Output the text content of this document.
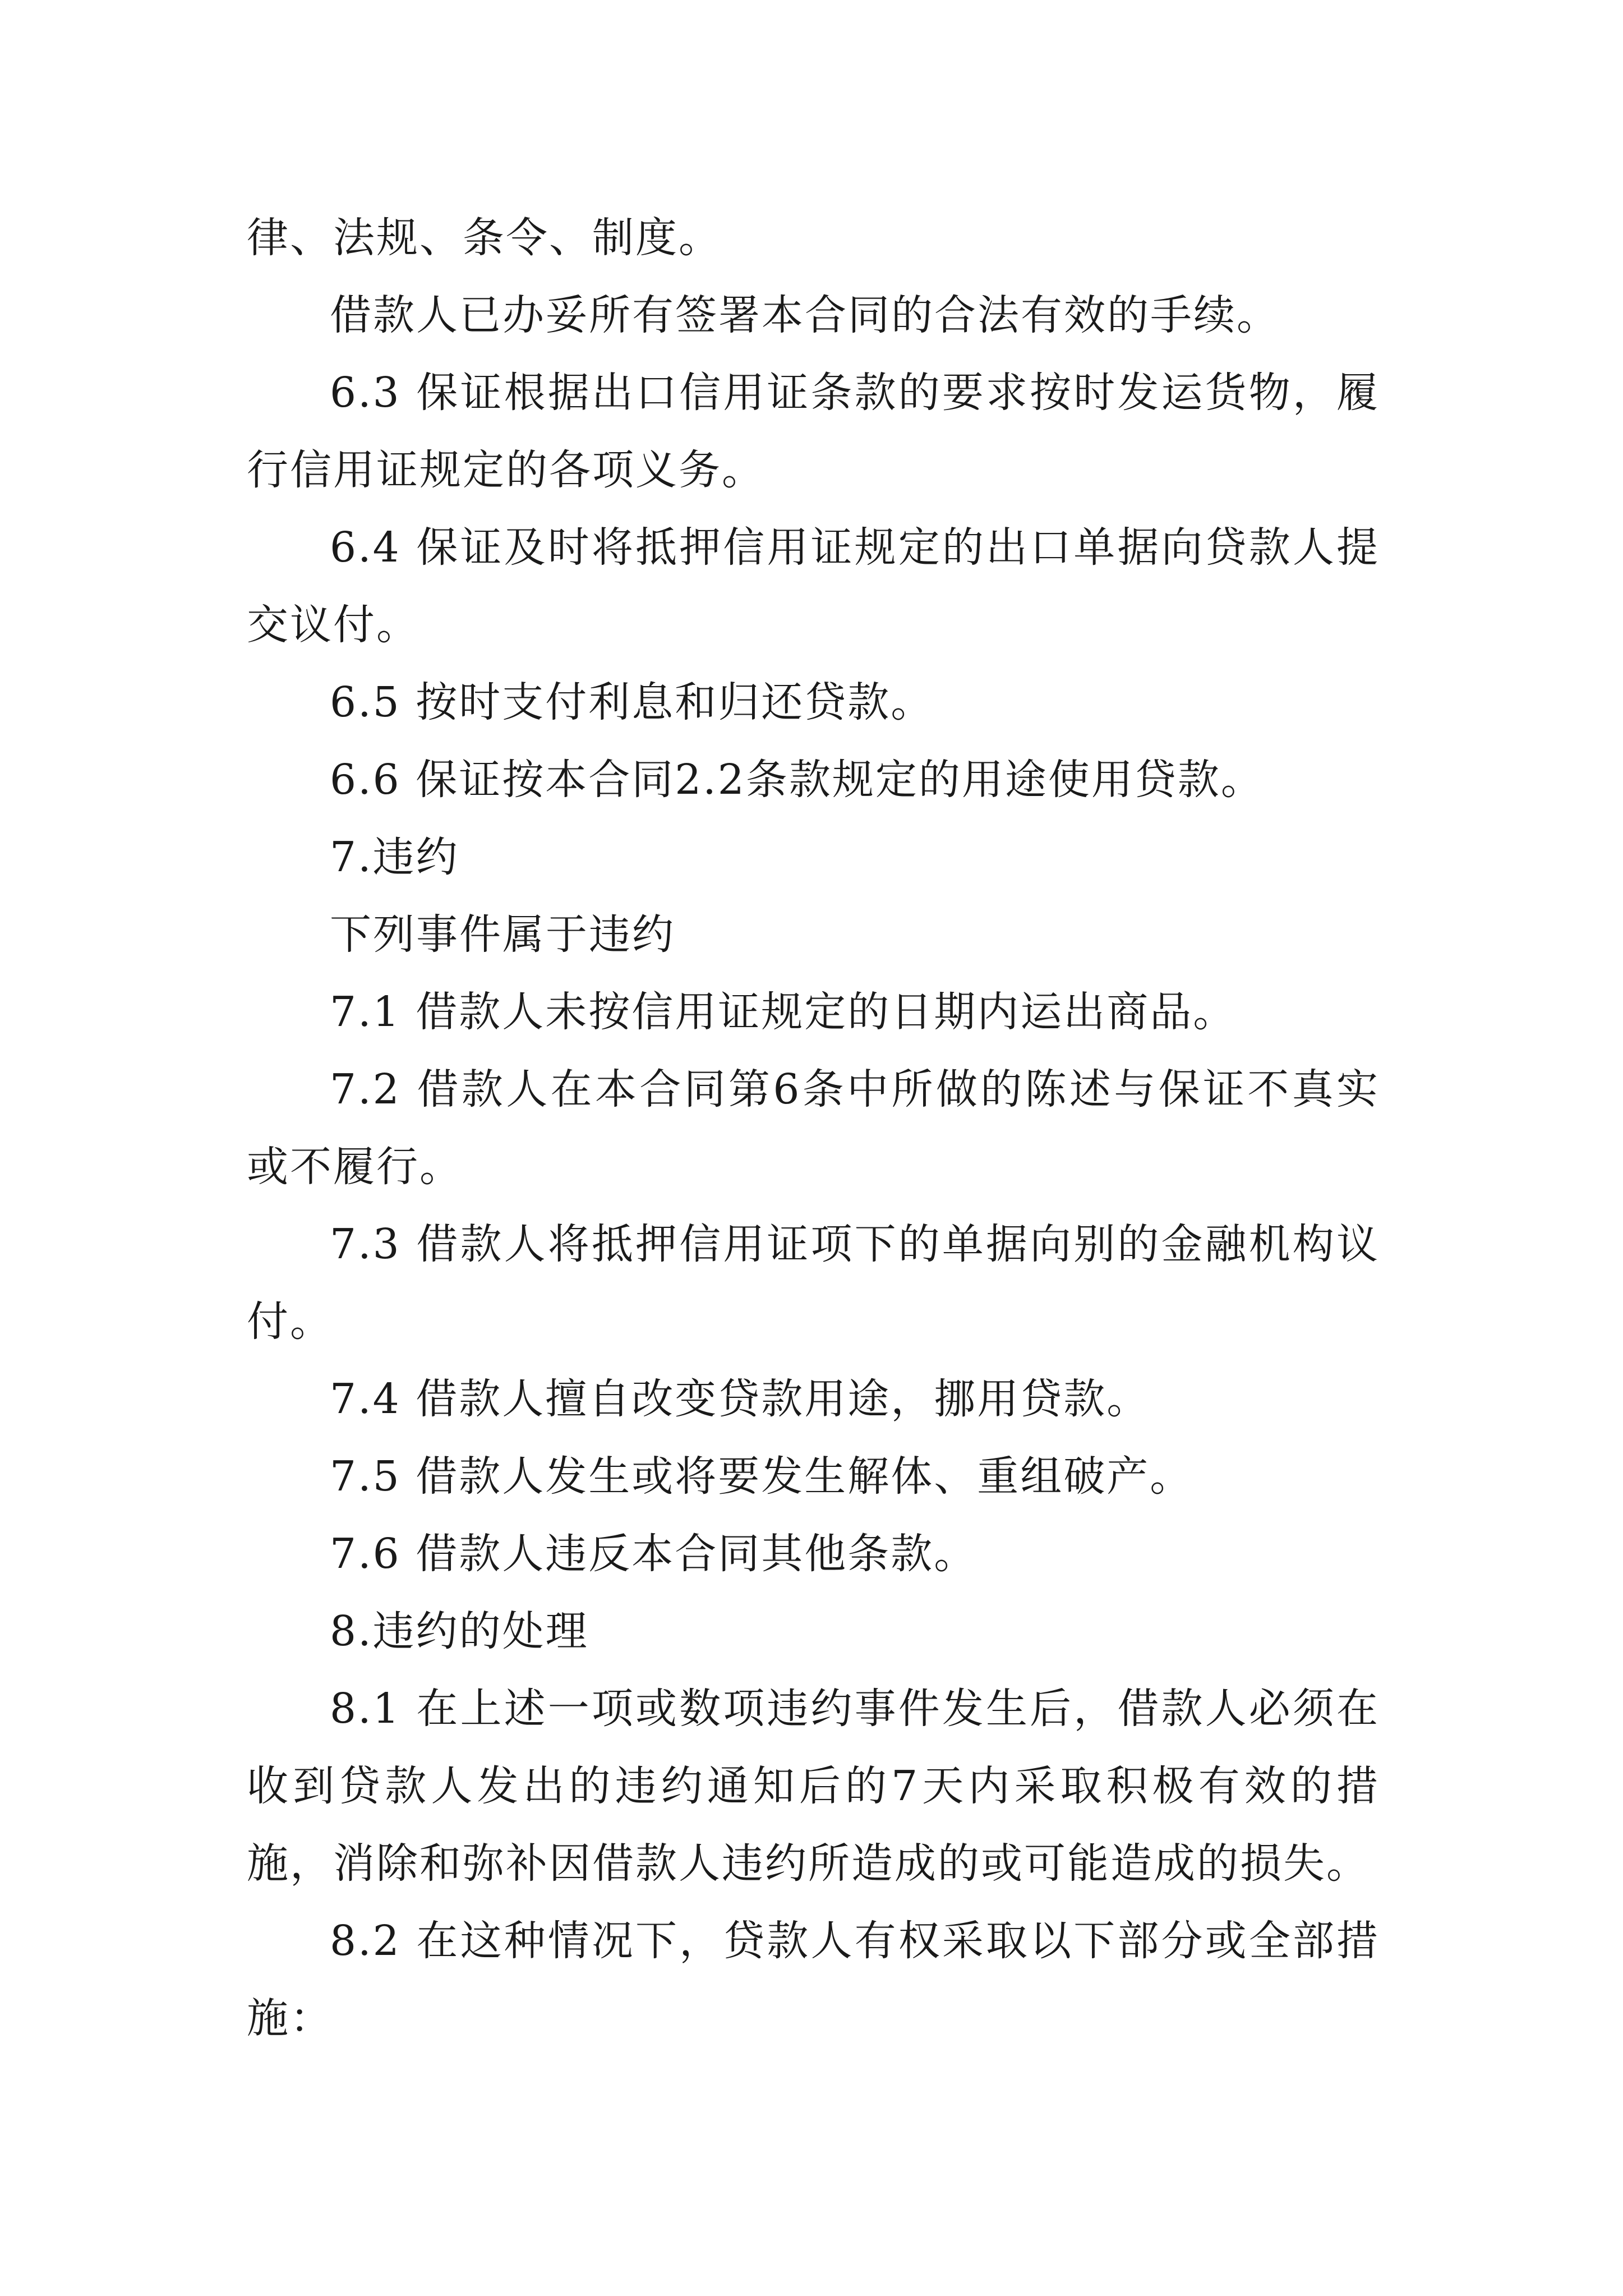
律、法规、条令、制度。

借款人已办妥所有签署本合同的合法有效的手续。

6.3 保证根据出口信用证条款的要求按时发运货物，履行信用证规定的各项义务。

6.4 保证及时将抵押信用证规定的出口单据向贷款人提交议付。

6.5 按时支付利息和归还贷款。

6.6 保证按本合同2.2条款规定的用途使用贷款。

7.违约

下列事件属于违约

7.1 借款人未按信用证规定的日期内运出商品。

7.2 借款人在本合同第6条中所做的陈述与保证不真实或不履行。

7.3 借款人将抵押信用证项下的单据向别的金融机构议付。

7.4 借款人擅自改变贷款用途，挪用贷款。

7.5 借款人发生或将要发生解体、重组破产。

7.6 借款人违反本合同其他条款。

8.违约的处理

8.1 在上述一项或数项违约事件发生后，借款人必须在收到贷款人发出的违约通知后的7天内采取积极有效的措施，消除和弥补因借款人违约所造成的或可能造成的损失。

8.2 在这种情况下，贷款人有权采取以下部分或全部措施：
